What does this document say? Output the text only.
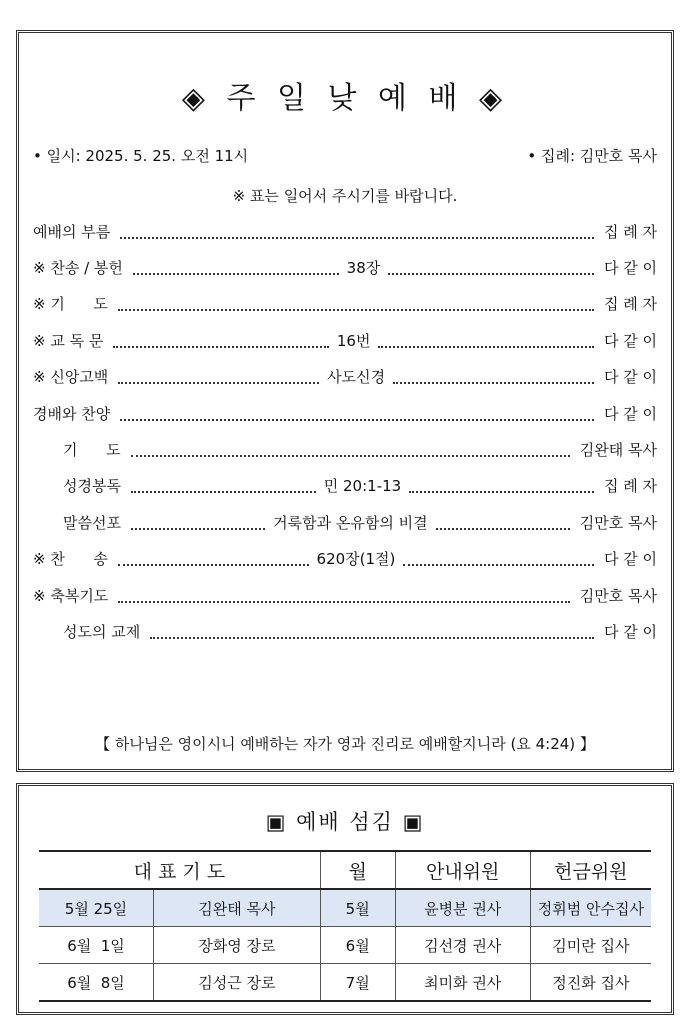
◈ 주 일 낮 예 배 ◈
• 일시: 2025. 5. 25. 오전 11시	• 집례: 김만호 목사
※ 표는 일어서 주시기를 바랍니다.
예배의 부름	집 례 자
※ 찬송 / 봉헌	38장	다 같 이
※ 기      도	집 례 자
※ 교 독 문	16번	다 같 이
※ 신앙고백	사도신경	다 같 이
경배와 찬양	다 같 이
기      도	김완태 목사
성경봉독	민 20:1-13	집 례 자
말씀선포	거룩함과 온유함의 비결	김만호 목사
※ 찬      송	620장(1절)	다 같 이
※ 축복기도	김만호 목사
성도의 교제	다 같 이
【 하나님은 영이시니 예배하는 자가 영과 진리로 예배할지니라 (요 4:24) 】
▣ 예배 섬김 ▣
대 표 기 도		월	안내위원	헌금위원
5월 25일	김완태 목사	5월	윤병분 권사	정휘범 안수집사
6월  1일	장화영 장로	6월	김선경 권사	김미란 집사
6월  8일	김성근 장로	7월	최미화 권사	정진화 집사
